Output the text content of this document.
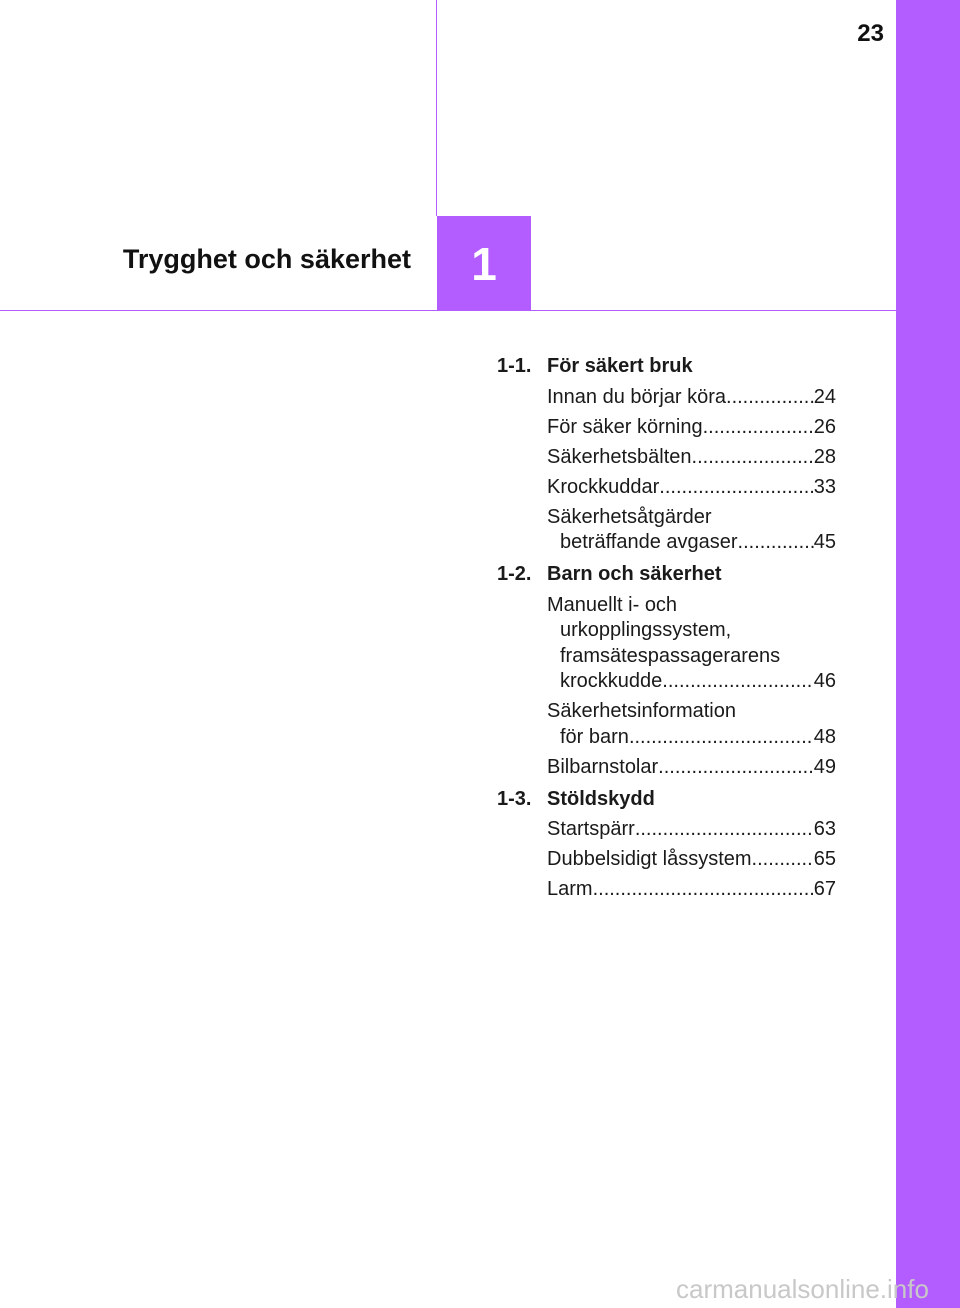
23
1
Trygghet och säkerhet
1-1. För säkert bruk
Innan du börjar köra .....	24
För säker körning .....	26
Säkerhetsbälten .....	28
Krockkuddar .....	33
Säkerhetsåtgärder
beträffande avgaser .....	45
1-2. Barn och säkerhet
Manuellt i- och
urkopplingssystem,
framsätespassagerarens
krockkudde .....	46
Säkerhetsinformation
för barn .....	48
Bilbarnstolar .....	49
1-3. Stöldskydd
Startspärr .....	63
Dubbelsidigt låssystem .....	65
Larm .....	67
carmanualsonline.info
